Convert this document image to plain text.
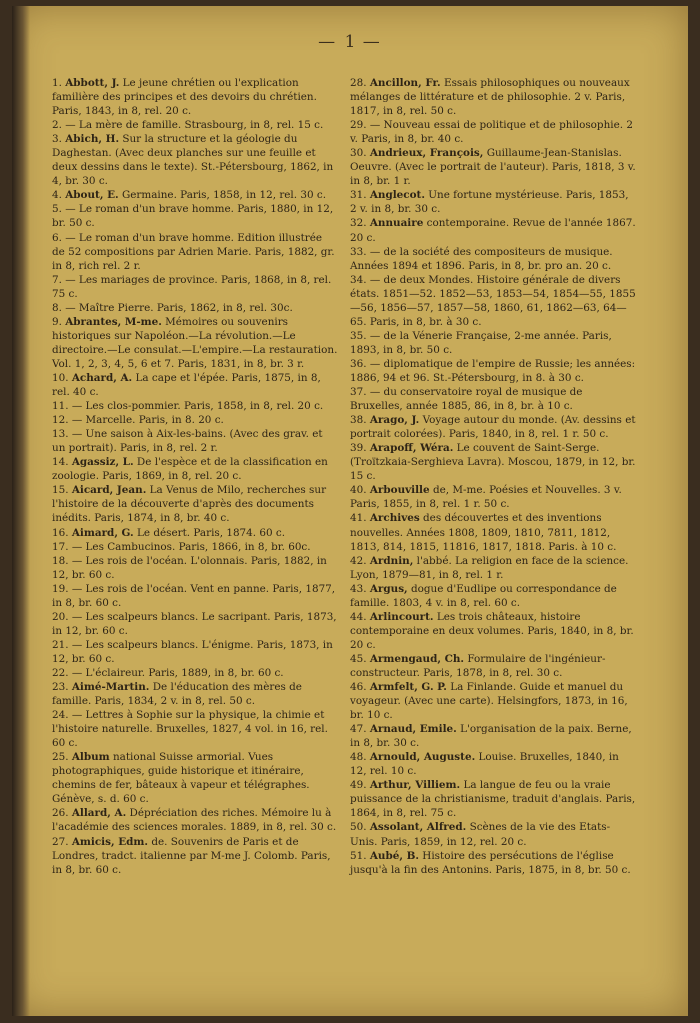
— 1 —

1. Abbott, J. Le jeune chrétien ou l'explication familière des principes et des devoirs du chrétien. Paris, 1843, in 8, rel. 20 c.

2. — La mère de famille. Strasbourg, in 8, rel. 15 c.

3. Abich, H. Sur la structure et la géologie du Daghestan. (Avec deux planches sur une feuille et deux dessins dans le texte). St.-Pétersbourg, 1862, in 4, br. 30 c.

4. About, E. Germaine. Paris, 1858, in 12, rel. 30 c.

5. — Le roman d'un brave homme. Paris, 1880, in 12, br. 50 c.

6. — Le roman d'un brave homme. Edition illustrée de 52 compositions par Adrien Marie. Paris, 1882, gr. in 8, rich rel. 2 r.

7. — Les mariages de province. Paris, 1868, in 8, rel. 75 c.

8. — Maître Pierre. Paris, 1862, in 8, rel. 30c.

9. Abrantes, M-me. Mémoires ou souvenirs historiques sur Napoléon.—La révolution.—Le directoire.—Le consulat.—L'empire.—La restauration. Vol. 1, 2, 3, 4, 5, 6 et 7. Paris, 1831, in 8, br. 3 r.

10. Achard, A. La cape et l'épée. Paris, 1875, in 8, rel. 40 c.

11. — Les clos-pommier. Paris, 1858, in 8, rel. 20 c.

12. — Marcelle. Paris, in 8. 20 c.

13. — Une saison à Aix-les-bains. (Avec des grav. et un portrait). Paris, in 8, rel. 2 r.

14. Agassiz, L. De l'espèce et de la classification en zoologie. Paris, 1869, in 8, rel. 20 c.

15. Aicard, Jean. La Venus de Milo, recherches sur l'histoire de la découverte d'après des documents inédits. Paris, 1874, in 8, br. 40 c.

16. Aimard, G. Le désert. Paris, 1874. 60 c.

17. — Les Cambucinos. Paris, 1866, in 8, br. 60c.

18. — Les rois de l'océan. L'olonnais. Paris, 1882, in 12, br. 60 c.

19. — Les rois de l'océan. Vent en panne. Paris, 1877, in 8, br. 60 c.

20. — Les scalpeurs blancs. Le sacripant. Paris, 1873, in 12, br. 60 c.

21. — Les scalpeurs blancs. L'énigme. Paris, 1873, in 12, br. 60 c.

22. — L'éclaireur. Paris, 1889, in 8, br. 60 c.

23. Aimé-Martin. De l'éducation des mères de famille. Paris, 1834, 2 v. in 8, rel. 50 c.

24. — Lettres à Sophie sur la physique, la chimie et l'histoire naturelle. Bruxelles, 1827, 4 vol. in 16, rel. 60 c.

25. Album national Suisse armorial. Vues photographiques, guide historique et itinéraire, chemins de fer, bâteaux à vapeur et télégraphes. Génève, s. d. 60 c.

26. Allard, A. Dépréciation des riches. Mémoire lu à l'académie des sciences morales. 1889, in 8, rel. 30 c.

27. Amicis, Edm. de. Souvenirs de Paris et de Londres, tradct. italienne par M-me J. Colomb. Paris, in 8, br. 60 c.

28. Ancillon, Fr. Essais philosophiques ou nouveaux mélanges de littérature et de philosophie. 2 v. Paris, 1817, in 8, rel. 50 c.

29. — Nouveau essai de politique et de philosophie. 2 v. Paris, in 8, br. 40 c.

30. Andrieux, François, Guillaume-Jean-Stanislas. Oeuvre. (Avec le portrait de l'auteur). Paris, 1818, 3 v. in 8, br. 1 r.

31. Anglecot. Une fortune mystérieuse. Paris, 1853, 2 v. in 8, br. 30 c.

32. Annuaire contemporaine. Revue de l'année 1867. 20 c.

33. — de la société des compositeurs de musique. Années 1894 et 1896. Paris, in 8, br. pro an. 20 c.

34. — de deux Mondes. Histoire générale de divers états. 1851—52. 1852—53, 1853—54, 1854—55, 1855—56, 1856—57, 1857—58, 1860, 61, 1862—63, 64—65. Paris, in 8, br. à 30 c.

35. — de la Vénerie Française, 2-me année. Paris, 1893, in 8, br. 50 c.

36. — diplomatique de l'empire de Russie; les années: 1886, 94 et 96. St.-Pétersbourg, in 8. à 30 c.

37. — du conservatoire royal de musique de Bruxelles, année 1885, 86, in 8, br. à 10 c.

38. Arago, J. Voyage autour du monde. (Av. dessins et portrait colorées). Paris, 1840, in 8, rel. 1 r. 50 c.

39. Arapoff, Wéra. Le couvent de Saint-Serge. (Troïtzkaia-Serghieva Lavra). Moscou, 1879, in 12, br. 15 c.

40. Arbouville de, M-me. Poésies et Nouvelles. 3 v. Paris, 1855, in 8, rel. 1 r. 50 c.

41. Archives des découvertes et des inventions nouvelles. Années 1808, 1809, 1810, 7811, 1812, 1813, 814, 1815, 11816, 1817, 1818. Paris. à 10 c.

42. Ardnin, l'abbé. La religion en face de la science. Lyon, 1879—81, in 8, rel. 1 r.

43. Argus, dogue d'Eudlipe ou correspondance de famille. 1803, 4 v. in 8, rel. 60 c.

44. Arlincourt. Les trois châteaux, histoire contemporaine en deux volumes. Paris, 1840, in 8, br. 20 c.

45. Armengaud, Ch. Formulaire de l'ingénieur-constructeur. Paris, 1878, in 8, rel. 30 c.

46. Armfelt, G. P. La Finlande. Guide et manuel du voyageur. (Avec une carte). Helsingfors, 1873, in 16, br. 10 c.

47. Arnaud, Emile. L'organisation de la paix. Berne, in 8, br. 30 c.

48. Arnould, Auguste. Louise. Bruxelles, 1840, in 12, rel. 10 c.

49. Arthur, Villiem. La langue de feu ou la vraie puissance de la christianisme, traduit d'anglais. Paris, 1864, in 8, rel. 75 c.

50. Assolant, Alfred. Scènes de la vie des Etats-Unis. Paris, 1859, in 12, rel. 20 c.

51. Aubé, B. Histoire des persécutions de l'église jusqu'à la fin des Antonins. Paris, 1875, in 8, br. 50 c.
